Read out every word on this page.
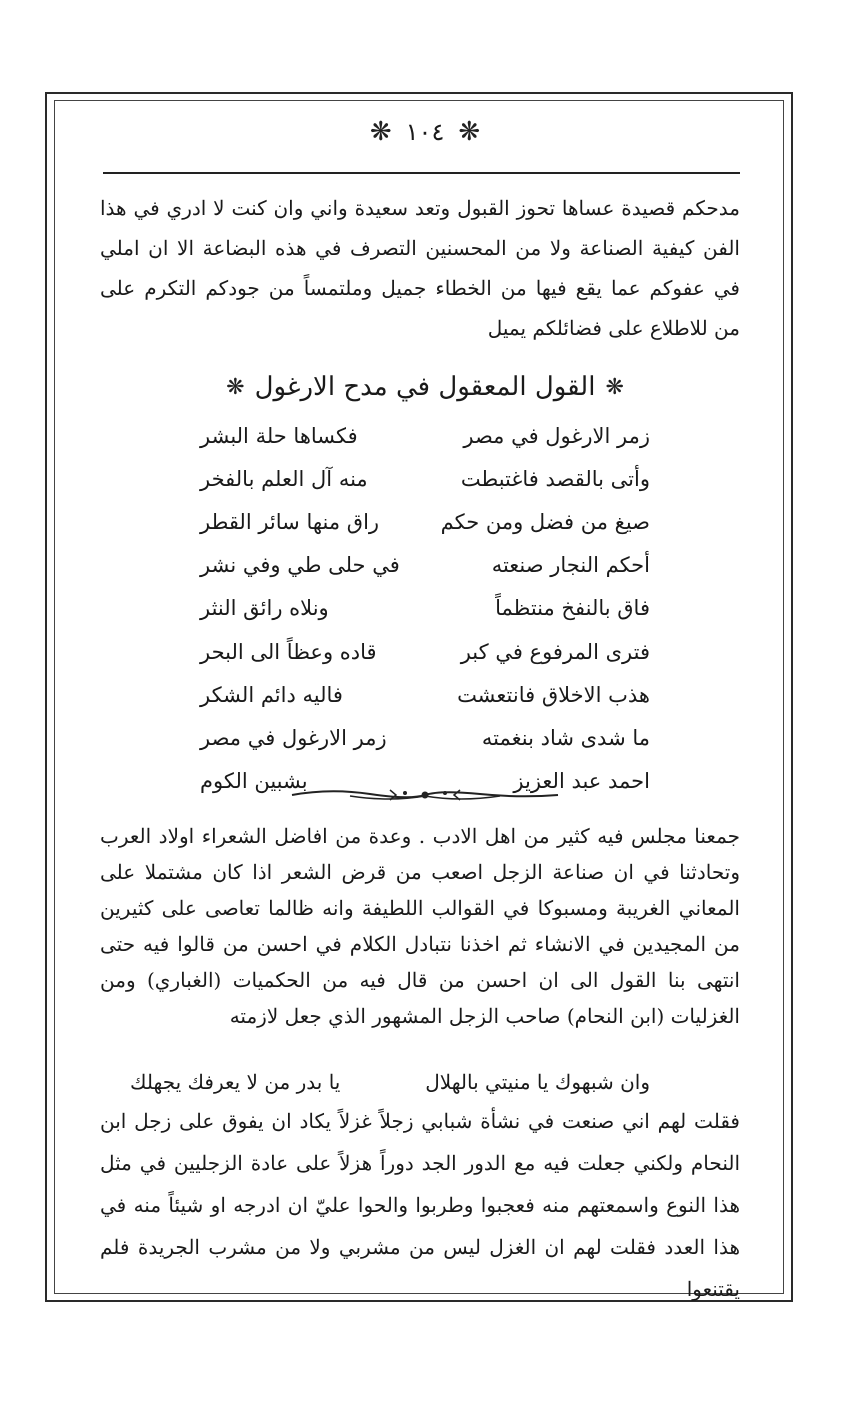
❋ ١٠٤ ❋

مدحكم قصيدة عساها تحوز القبول وتعد سعيدة واني وان كنت لا ادري في هذا الفن كيفية الصناعة ولا من المحسنين التصرف في هذه البضاعة الا ان املي في عفوكم عما يقع فيها من الخطاء جميل وملتمساً من جودكم التكرم على من للاطلاع على فضائلكم يميل

❋
القول المعقول في مدح الارغول
❋
زمر الارغول في مصر
فكساها حلة البشر
وأتى بالقصد فاغتبطت
منه آل العلم بالفخر
صيغ من فضل ومن حكم
راق منها سائر القطر
أحكم النجار صنعته
في حلى طي وفي نشر
فاق بالنفخ منتظماً
ونلاه رائق النثر
فترى المرفوع في كبر
قاده وعظاً الى البحر
هذب الاخلاق فانتعشت
فاليه دائم الشكر
ما شدى شاد بنغمته
زمر الارغول في مصر
احمد عبد العزيز
بشبين الكوم

جمعنا مجلس فيه كثير من اهل الادب . وعدة من افاضل الشعراء اولاد العرب وتحادثنا في ان صناعة الزجل اصعب من قرض الشعر اذا كان مشتملا على المعاني الغريبة ومسبوكا في القوالب اللطيفة وانه ظالما تعاصى على كثيرين من المجيدين في الانشاء ثم اخذنا نتبادل الكلام في احسن من قالوا فيه حتى انتهى بنا القول الى ان احسن من قال فيه من الحكميات (الغباري) ومن الغزليات (ابن النحام) صاحب الزجل المشهور الذي جعل لازمته

وان شبهوك يا منيتي بالهلال
يا بدر من لا يعرفك يجهلك

فقلت لهم اني صنعت في نشأة شبابي زجلاً غزلاً يكاد ان يفوق على زجل ابن النحام ولكني جعلت فيه مع الدور الجد دوراً هزلاً على عادة الزجليين في مثل هذا النوع واسمعتهم منه فعجبوا وطربوا والحوا عليّ ان ادرجه او شيئاً منه في هذا العدد فقلت لهم ان الغزل ليس من مشربي ولا من مشرب الجريدة فلم يقتنعوا
